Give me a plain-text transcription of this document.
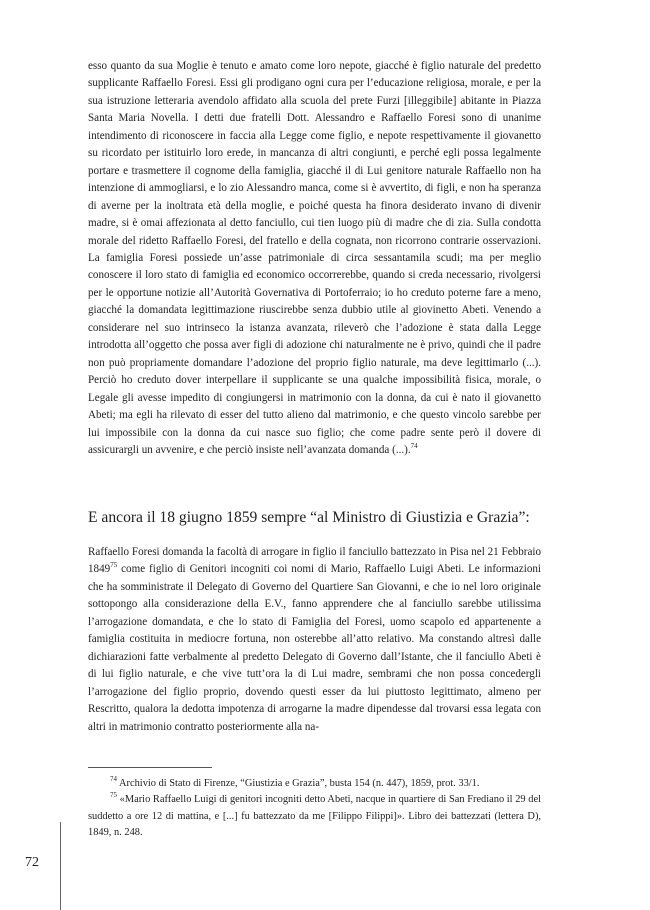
esso quanto da sua Moglie è tenuto e amato come loro nepote, giacché è figlio naturale del predetto supplicante Raffaello Foresi. Essi gli prodigano ogni cura per l’educazione religiosa, morale, e per la sua istruzione letteraria avendolo affidato alla scuola del prete Furzi [illeggibile] abitante in Piazza Santa Maria Novella. I detti due fratelli Dott. Alessandro e Raffaello Foresi sono di unanime intendimento di riconoscere in faccia alla Legge come figlio, e nepote respettivamente il giovanetto su ricordato per istituirlo loro erede, in mancanza di altri congiunti, e perché egli possa legalmente portare e trasmettere il cognome della famiglia, giacché il di Lui genitore naturale Raffaello non ha intenzione di ammogliarsi, e lo zio Alessandro manca, come si è avvertito, di figli, e non ha speranza di averne per la inoltrata età della moglie, e poiché questa ha finora desiderato invano di divenir madre, si è omai affezionata al detto fanciullo, cui tien luogo più di madre che di zia. Sulla condotta morale del ridetto Raffaello Foresi, del fratello e della cognata, non ricorrono contrarie osservazioni. La famiglia Foresi possiede un’asse patrimoniale di circa sessantamila scudi; ma per meglio conoscere il loro stato di famiglia ed economico occorrerebbe, quando si creda necessario, rivolgersi per le opportune notizie all’Autorità Governativa di Portoferraio; io ho creduto poterne fare a meno, giacché la domandata legittimazione riuscirebbe senza dubbio utile al giovinetto Abeti. Venendo a considerare nel suo intrinseco la istanza avanzata, rileverò che l’adozione è stata dalla Legge introdotta all’oggetto che possa aver figli di adozione chi naturalmente ne è privo, quindi che il padre non può propriamente domandare l’adozione del proprio figlio naturale, ma deve legittimarlo (...). Perciò ho creduto dover interpellare il supplicante se una qualche impossibilità fisica, morale, o Legale gli avesse impedito di congiungersi in matrimonio con la donna, da cui è nato il giovanetto Abeti; ma egli ha rilevato di esser del tutto alieno dal matrimonio, e che questo vincolo sarebbe per lui impossibile con la donna da cui nasce suo figlio; che come padre sente però il dovere di assicurargli un avvenire, e che perciò insiste nell’avanzata domanda (...).$^{74}$

E ancora il 18 giugno 1859 sempre “al Ministro di Giustizia e Grazia”:

Raffaello Foresi domanda la facoltà di arrogare in figlio il fanciullo battezzato in Pisa nel 21 Febbraio 1849$^{75}$ come figlio di Genitori incogniti coi nomi di Mario, Raffaello Luigi Abeti. Le informazioni che ha somministrate il Delegato di Governo del Quartiere San Giovanni, e che io nel loro originale sottopongo alla considerazione della E.V., fanno apprendere che al fanciullo sarebbe utilissima l’arrogazione domandata, e che lo stato di Famiglia del Foresi, uomo scapolo ed appartenente a famiglia costituita in mediocre fortuna, non osterebbe all’atto relativo. Ma constando altresì dalle dichiarazioni fatte verbalmente al predetto Delegato di Governo dall’Istante, che il fanciullo Abeti è di lui figlio naturale, e che vive tutt’ora la di Lui madre, sembrami che non possa concedergli l’arrogazione del figlio proprio, dovendo questi esser da lui piuttosto legittimato, almeno per Rescritto, qualora la dedotta impotenza di arrogarne la madre dipendesse dal trovarsi essa legata con altri in matrimonio contratto posteriormente alla na-

$^{74}$ Archivio di Stato di Firenze, “Giustizia e Grazia”, busta 154 (n. 447), 1859, prot. 33/1.

$^{75}$ «Mario Raffaello Luigi di genitori incogniti detto Abeti, nacque in quartiere di San Frediano il 29 del suddetto a ore 12 di mattina, e [...] fu battezzato da me [Filippo Filippi]». Libro dei battezzati (lettera D), 1849, n. 248.

72
